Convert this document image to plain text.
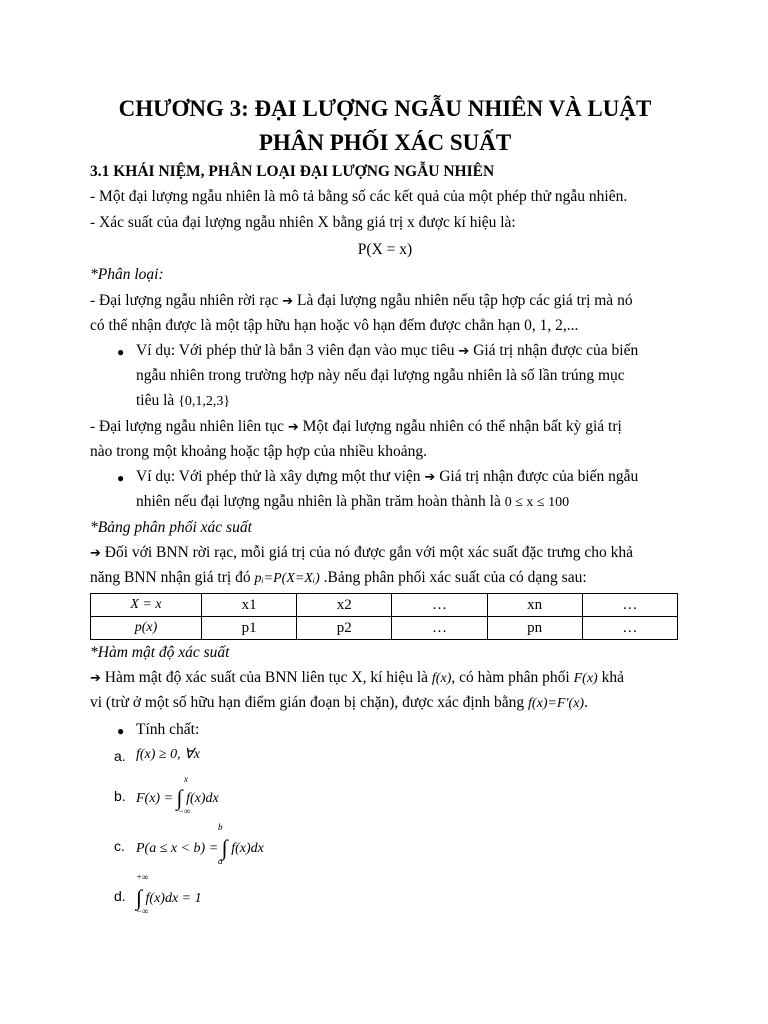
CHƯƠNG 3: ĐẠI LƯỢNG NGẪU NHIÊN VÀ LUẬT
PHÂN PHỐI XÁC SUẤT
3.1 KHÁI NIỆM, PHÂN LOẠI ĐẠI LƯỢNG NGẪU NHIÊN
- Một đại lượng ngẫu nhiên là mô tả bằng số các kết quả của một phép thử ngẫu nhiên.
- Xác suất của đại lượng ngẫu nhiên X bằng giá trị x được kí hiệu là:
P(X = x)
*Phân loại:
- Đại lượng ngẫu nhiên rời rạc ➔ Là đại lượng ngẫu nhiên nếu tập hợp các giá trị mà nó
có thể nhận được là một tập hữu hạn hoặc vô hạn đếm được chẳn hạn 0, 1, 2,...
● Ví dụ: Với phép thử là bắn 3 viên đạn vào mục tiêu ➔ Giá trị nhận được của biến
ngẫu nhiên trong trường hợp này nếu đại lượng ngẫu nhiên là số lần trúng mục
tiêu là {0,1,2,3}
- Đại lượng ngẫu nhiên liên tục ➔ Một đại lượng ngẫu nhiên có thể nhận bất kỳ giá trị
nào trong một khoảng hoặc tập hợp của nhiều khoảng.
● Ví dụ: Với phép thử là xây dựng một thư viện ➔ Giá trị nhận được của biến ngẫu
nhiên nếu đại lượng ngẫu nhiên là phần trăm hoàn thành là 0 ≤ x ≤ 100
*Bảng phân phối xác suất
➔ Đối với BNN rời rạc, mỗi giá trị của nó được gắn với một xác suất đặc trưng cho khả
năng BNN nhận giá trị đó pᵢ=P(X=Xᵢ) .Bảng phân phối xác suất của có dạng sau:
X = x	x1	x2	…	xn	…
p(x)	p1	p2	…	pn	…
*Hàm mật độ xác suất
➔ Hàm mật độ xác suất của BNN liên tục X, kí hiệu là f(x), có hàm phân phối F(x) khả
vi (trừ ở một số hữu hạn điểm gián đoạn bị chặn), được xác định bằng f(x)=F′(x).
● Tính chất:
a. f(x) ≥ 0, ∀x
b. F(x) = ∫
x
−∞
f(x)dx
c. P(a ≤ x < b) = ∫
b
a
f(x)dx
d. ∫
+∞
−∞
f(x)dx = 1
